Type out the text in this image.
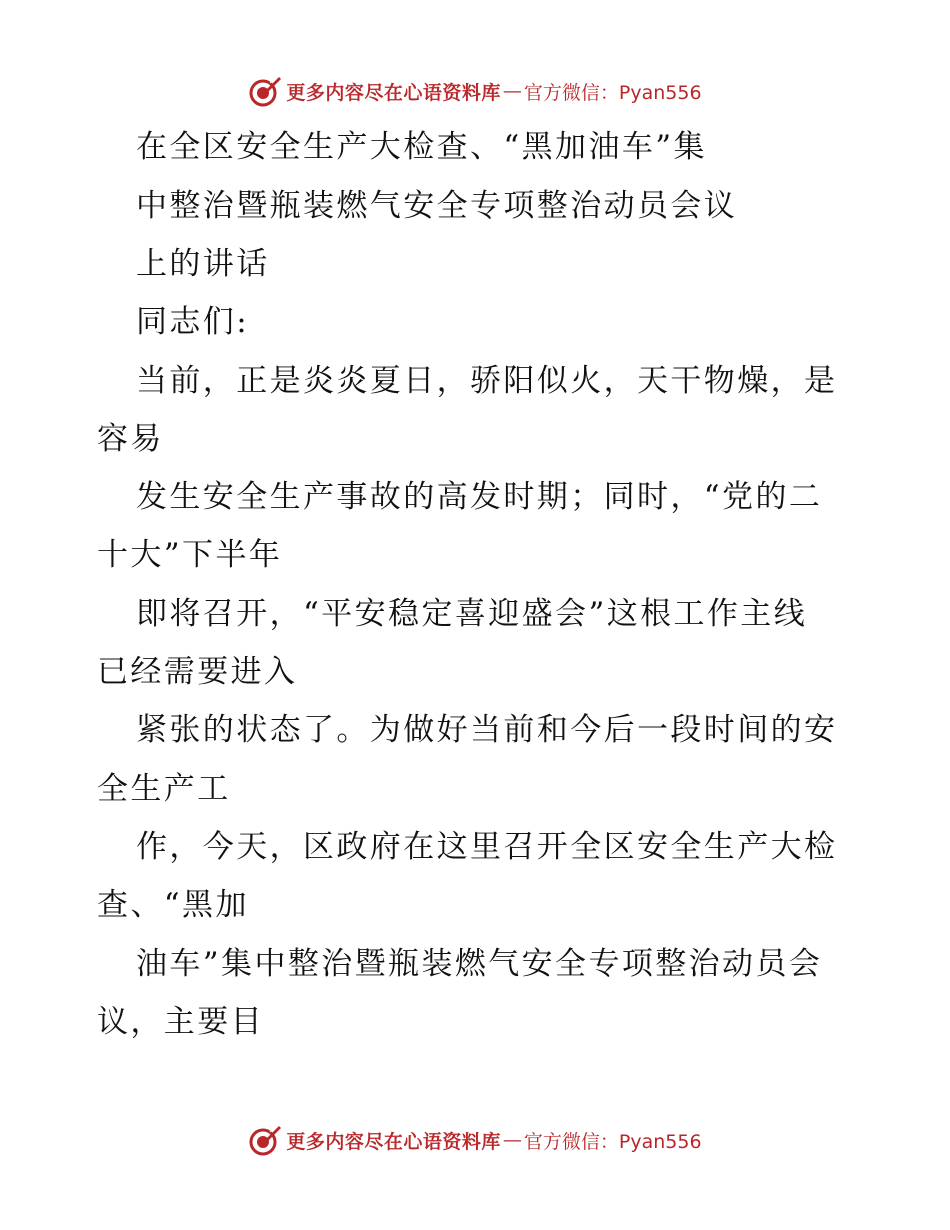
更多内容尽在心语资料库 — 官方微信：Pyan556
在全区安全生产大检查、“黑加油车”集
中整治暨瓶装燃气安全专项整治动员会议
上的讲话
同志们:
当前，正是炎炎夏日，骄阳似火，天干物燥，是
容易
发生安全生产事故的高发时期；同时，“党的二
十大”下半年
即将召开，“平安稳定喜迎盛会”这根工作主线
已经需要进入
紧张的状态了。为做好当前和今后一段时间的安
全生产工
作，今天，区政府在这里召开全区安全生产大检
查、“黑加
油车”集中整治暨瓶装燃气安全专项整治动员会
议，主要目
更多内容尽在心语资料库 — 官方微信：Pyan556
